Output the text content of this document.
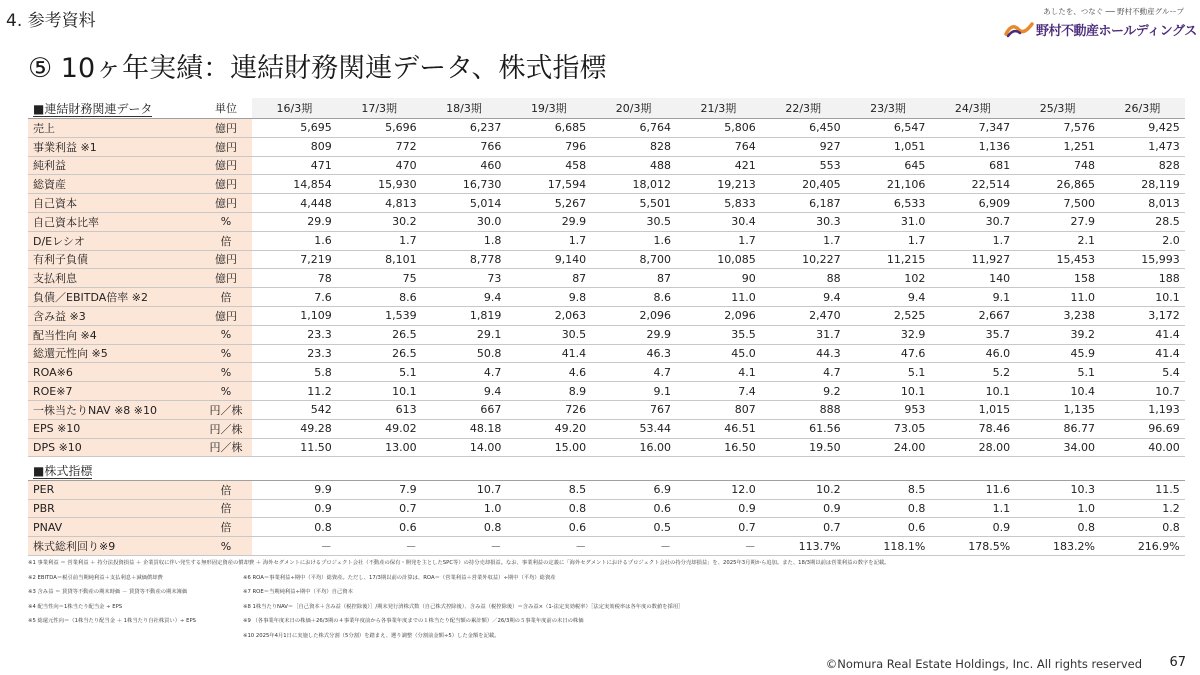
4. 参考資料	あしたを、つなぐ ── 野村不動産グループ
野村不動産ホールディングス
⑤ 10ヶ年実績：連結財務関連データ、株式指標
■連結財務関連データ	単位	16/3期	17/3期	18/3期	19/3期	20/3期	21/3期	22/3期	23/3期	24/3期	25/3期	26/3期
売上	億円	5,695	5,696	6,237	6,685	6,764	5,806	6,450	6,547	7,347	7,576	9,425
事業利益 ※1	億円	809	772	766	796	828	764	927	1,051	1,136	1,251	1,473
純利益	億円	471	470	460	458	488	421	553	645	681	748	828
総資産	億円	14,854	15,930	16,730	17,594	18,012	19,213	20,405	21,106	22,514	26,865	28,119
自己資本	億円	4,448	4,813	5,014	5,267	5,501	5,833	6,187	6,533	6,909	7,500	8,013
自己資本比率	%	29.9	30.2	30.0	29.9	30.5	30.4	30.3	31.0	30.7	27.9	28.5
D/Eレシオ	倍	1.6	1.7	1.8	1.7	1.6	1.7	1.7	1.7	1.7	2.1	2.0
有利子負債	億円	7,219	8,101	8,778	9,140	8,700	10,085	10,227	11,215	11,927	15,453	15,993
支払利息	億円	78	75	73	87	87	90	88	102	140	158	188
負債／EBITDA倍率 ※2	倍	7.6	8.6	9.4	9.8	8.6	11.0	9.4	9.4	9.1	11.0	10.1
含み益 ※3	億円	1,109	1,539	1,819	2,063	2,096	2,096	2,470	2,525	2,667	3,238	3,172
配当性向 ※4	%	23.3	26.5	29.1	30.5	29.9	35.5	31.7	32.9	35.7	39.2	41.4
総還元性向 ※5	%	23.3	26.5	50.8	41.4	46.3	45.0	44.3	47.6	46.0	45.9	41.4
ROA※6	%	5.8	5.1	4.7	4.6	4.7	4.1	4.7	5.1	5.2	5.1	5.4
ROE※7	%	11.2	10.1	9.4	8.9	9.1	7.4	9.2	10.1	10.1	10.4	10.7
一株当たりNAV ※8 ※10	円／株	542	613	667	726	767	807	888	953	1,015	1,135	1,193
EPS ※10	円／株	49.28	49.02	48.18	49.20	53.44	46.51	61.56	73.05	78.46	86.77	96.69
DPS ※10	円／株	11.50	13.00	14.00	15.00	16.00	16.50	19.50	24.00	28.00	34.00	40.00
■株式指標												
PER	倍	9.9	7.9	10.7	8.5	6.9	12.0	10.2	8.5	11.6	10.3	11.5
PBR	倍	0.9	0.7	1.0	0.8	0.6	0.9	0.9	0.8	1.1	1.0	1.2
PNAV	倍	0.8	0.6	0.8	0.6	0.5	0.7	0.7	0.6	0.9	0.8	0.8
株式総利回り※9	%	－	－	－	－	－	－	113.7%	118.1%	178.5%	183.2%	216.9%
※1 事業利益 ＝ 営業利益 ＋ 持分法投資損益 ＋ 企業買収に伴い発生する無形固定資産の償却費 ＋ 海外セグメントにおけるプロジェクト会社（不動産の保有・開発を主としたSPC等）の持分売却損益。なお、事業利益の定義に「海外セグメントにおけるプロジェクト会社の持分売却損益」を、2025年3月期から追加。また、18/3期以前は営業利益の数字を記載。
※2 EBITDA＝税引前当期純利益＋支払利息＋減価償却費	※6 ROA＝事業利益÷期中（平均）総資産。ただし、17/3期以前の計算は、ROA＝（営業利益＋営業外収益）÷期中（平均）総資産
※3 含み益 ＝ 賃貸等不動産の期末時価 － 賃貸等不動産の期末簿価	※7 ROE＝当期純利益÷期中（平均）自己資本
※4 配当性向＝1株当たり配当金 ÷ EPS	※8 1株当たりNAV＝［自己資本＋含み益（税控除後）］/期末発行済株式数（自己株式控除後）、含み益（税控除後）＝含み益×（1-法定実効税率）［法定実効税率は各年度の数値を採用］
※5 総還元性向＝（1株当たり配当金 ＋ 1株当たり自社株買い）÷ EPS	※9 （各事業年度末日の株価＋26/3期の４事業年度前から各事業年度までの１株当たり配当額の累計額）／26/3期の５事業年度前の末日の株価
※10 2025年4月1日に実施した株式分割（5分割）を踏まえ、遡り調整（分割前金額÷5）した金額を記載。
©Nomura Real Estate Holdings, Inc. All rights reserved 67
